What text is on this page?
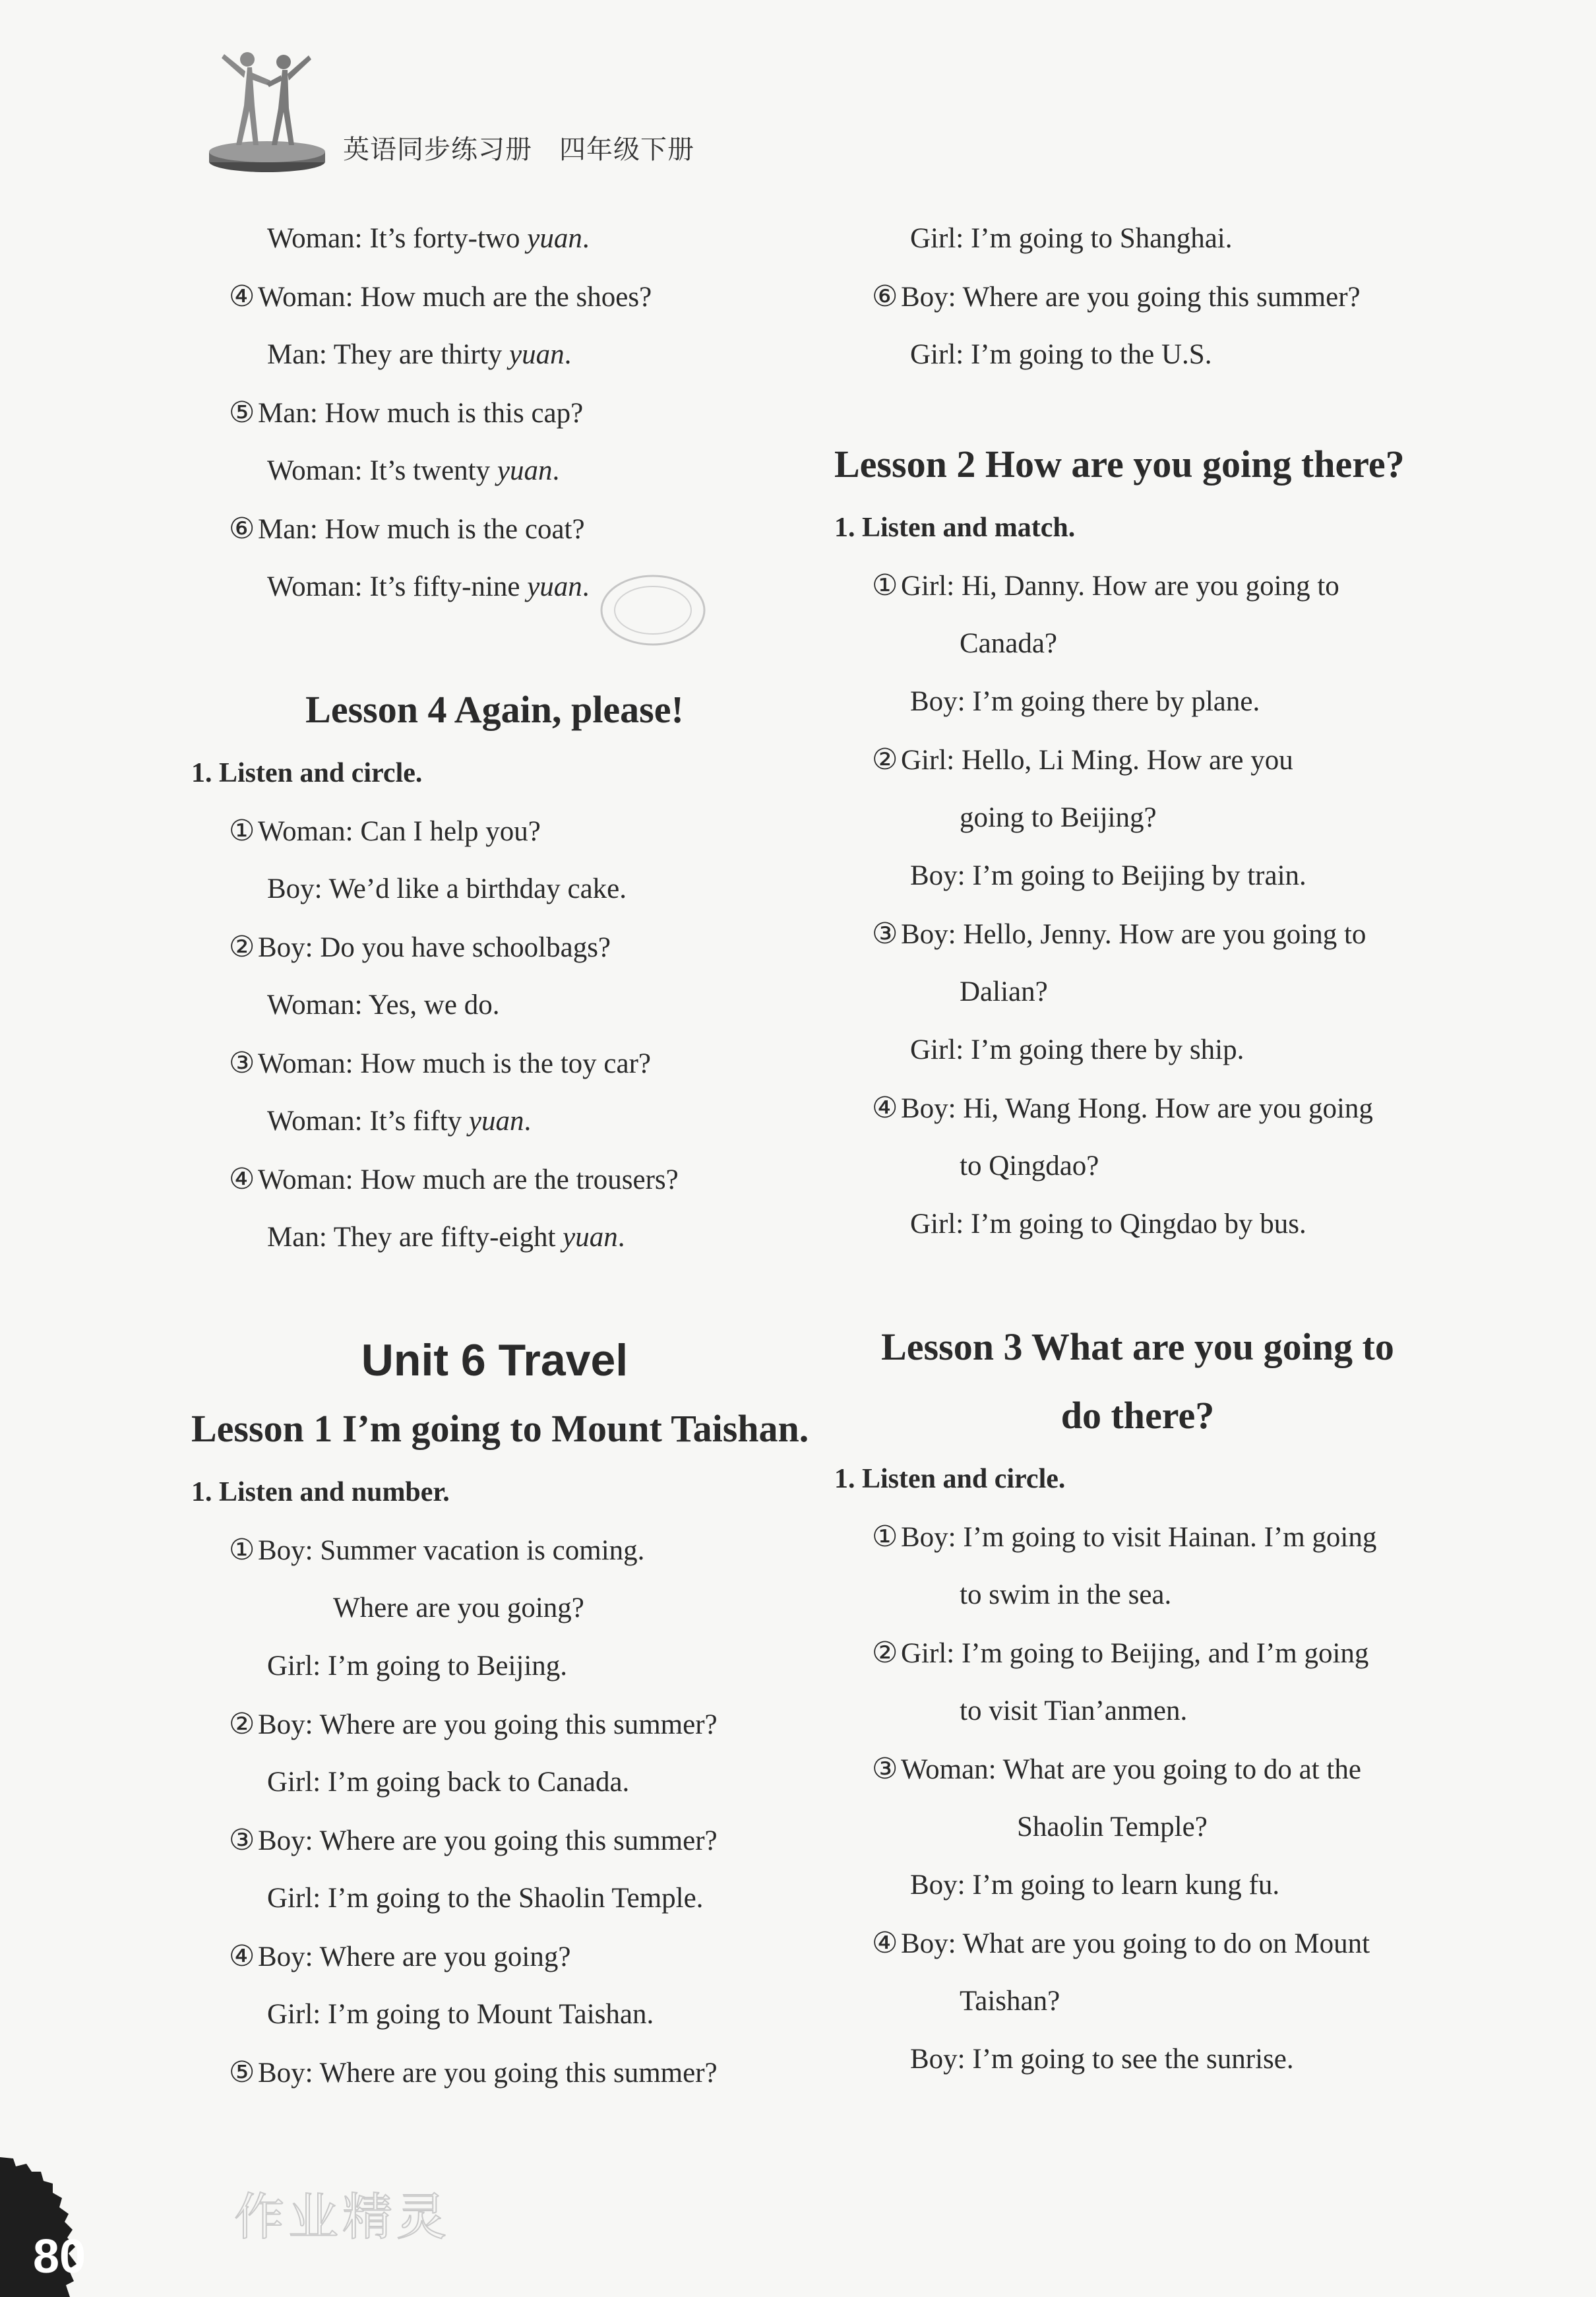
英语同步练习册　四年级下册
Woman: It’s forty-two yuan.
④ Woman: How much are the shoes?
Man: They are thirty yuan.
⑤ Man: How much is this cap?
Woman: It’s twenty yuan.
⑥ Man: How much is the coat?
Woman: It’s fifty-nine yuan.
Lesson 4 Again, please!
1. Listen and circle.
① Woman: Can I help you?
Boy: We’d like a birthday cake.
② Boy: Do you have schoolbags?
Woman: Yes, we do.
③ Woman: How much is the toy car?
Woman: It’s fifty yuan.
④ Woman: How much are the trousers?
Man: They are fifty-eight yuan.
Unit 6 Travel
Lesson 1 I’m going to Mount Taishan.
1. Listen and number.
① Boy: Summer vacation is coming.
Where are you going?
Girl: I’m going to Beijing.
② Boy: Where are you going this summer?
Girl: I’m going back to Canada.
③ Boy: Where are you going this summer?
Girl: I’m going to the Shaolin Temple.
④ Boy: Where are you going?
Girl: I’m going to Mount Taishan.
⑤ Boy: Where are you going this summer?
Girl: I’m going to Shanghai.
⑥ Boy: Where are you going this summer?
Girl: I’m going to the U.S.
Lesson 2 How are you going there?
1. Listen and match.
① Girl: Hi, Danny. How are you going to
Canada?
Boy: I’m going there by plane.
② Girl: Hello, Li Ming. How are you
going to Beijing?
Boy: I’m going to Beijing by train.
③ Boy: Hello, Jenny. How are you going to
Dalian?
Girl: I’m going there by ship.
④ Boy: Hi, Wang Hong. How are you going
to Qingdao?
Girl: I’m going to Qingdao by bus.
Lesson 3 What are you going to
do there?
1. Listen and circle.
① Boy: I’m going to visit Hainan. I’m going
to swim in the sea.
② Girl: I’m going to Beijing, and I’m going
to visit Tian’anmen.
③ Woman: What are you going to do at the
Shaolin Temple?
Boy: I’m going to learn kung fu.
④ Boy: What are you going to do on Mount
Taishan?
Boy: I’m going to see the sunrise.
80
作业精灵
